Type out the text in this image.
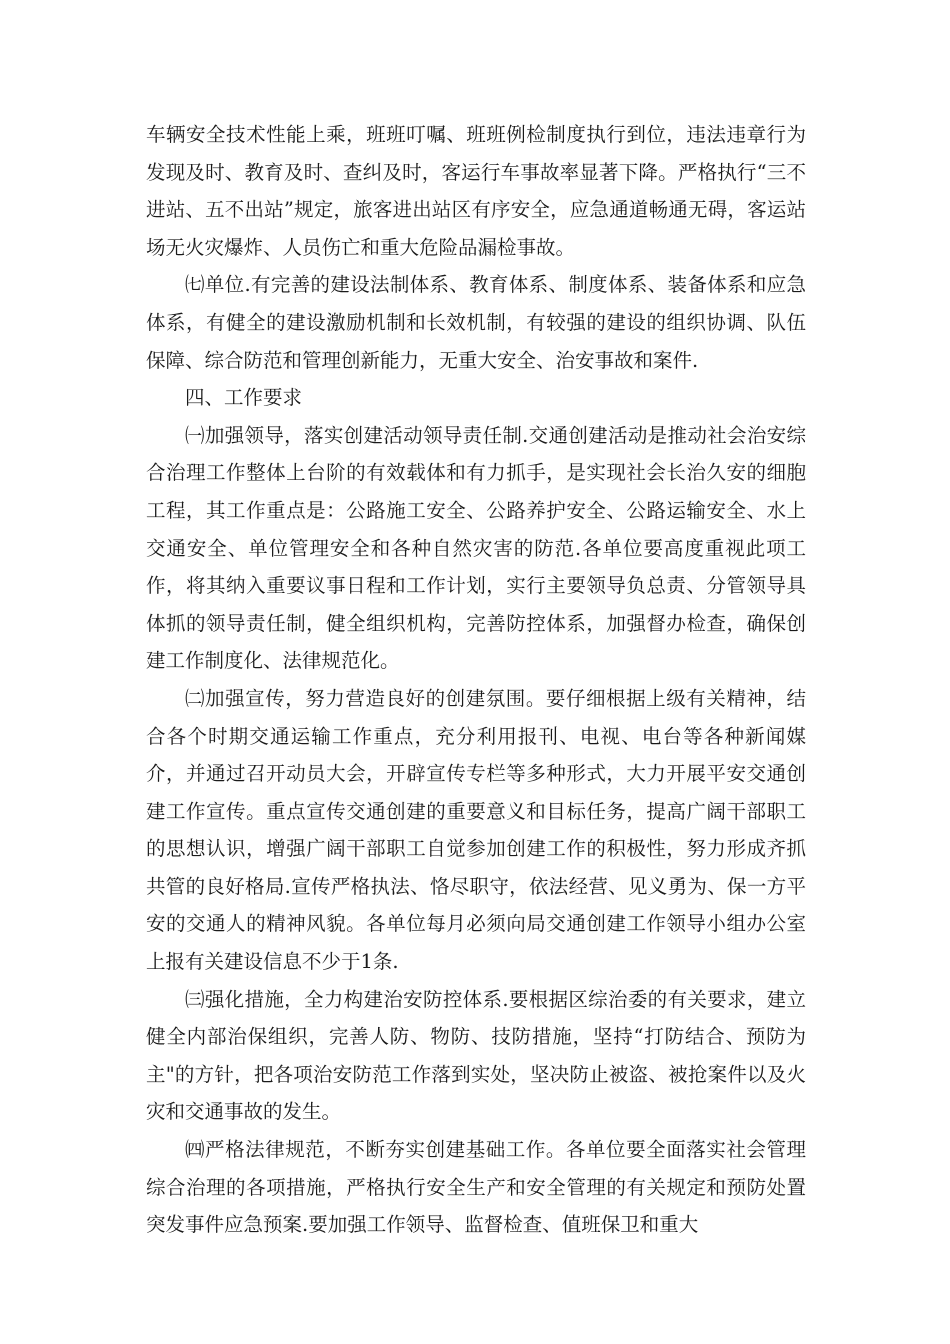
车辆安全技术性能上乘，班班叮嘱、班班例检制度执行到位，违法违章行为发现及时、教育及时、查纠及时，客运行车事故率显著下降。严格执行“三不进站、五不出站”规定，旅客进出站区有序安全，应急通道畅通无碍，客运站场无火灾爆炸、人员伤亡和重大危险品漏检事故。

㈦单位.有完善的建设法制体系、教育体系、制度体系、装备体系和应急体系，有健全的建设激励机制和长效机制，有较强的建设的组织协调、队伍保障、综合防范和管理创新能力，无重大安全、治安事故和案件.

四、工作要求

㈠加强领导，落实创建活动领导责任制.交通创建活动是推动社会治安综合治理工作整体上台阶的有效载体和有力抓手，是实现社会长治久安的细胞工程，其工作重点是：公路施工安全、公路养护安全、公路运输安全、水上交通安全、单位管理安全和各种自然灾害的防范.各单位要高度重视此项工作，将其纳入重要议事日程和工作计划，实行主要领导负总责、分管领导具体抓的领导责任制，健全组织机构，完善防控体系，加强督办检查，确保创建工作制度化、法律规范化。

㈡加强宣传，努力营造良好的创建氛围。要仔细根据上级有关精神，结合各个时期交通运输工作重点，充分利用报刊、电视、电台等各种新闻媒介，并通过召开动员大会，开辟宣传专栏等多种形式，大力开展平安交通创建工作宣传。重点宣传交通创建的重要意义和目标任务，提高广阔干部职工的思想认识，增强广阔干部职工自觉参加创建工作的积极性，努力形成齐抓共管的良好格局.宣传严格执法、恪尽职守，依法经营、见义勇为、保一方平安的交通人的精神风貌。各单位每月必须向局交通创建工作领导小组办公室上报有关建设信息不少于1条.

㈢强化措施，全力构建治安防控体系.要根据区综治委的有关要求，建立健全内部治保组织，完善人防、物防、技防措施，坚持“打防结合、预防为主"的方针，把各项治安防范工作落到实处，坚决防止被盗、被抢案件以及火灾和交通事故的发生。

㈣严格法律规范，不断夯实创建基础工作。各单位要全面落实社会管理综合治理的各项措施，严格执行安全生产和安全管理的有关规定和预防处置突发事件应急预案.要加强工作领导、监督检查、值班保卫和重大
